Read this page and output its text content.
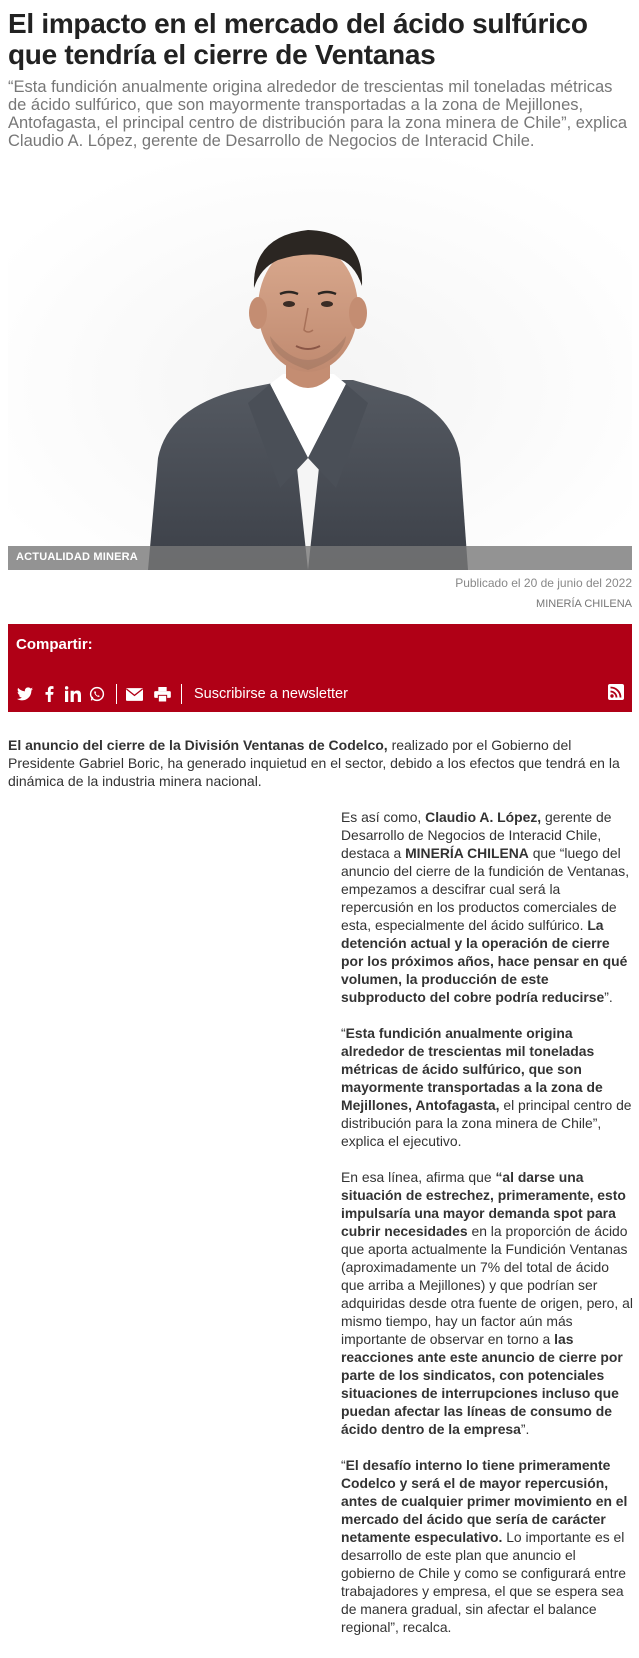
El impacto en el mercado del ácido sulfúrico que tendría el cierre de Ventanas
“Esta fundición anualmente origina alrededor de trescientas mil toneladas métricas de ácido sulfúrico, que son mayormente transportadas a la zona de Mejillones, Antofagasta, el principal centro de distribución para la zona minera de Chile”, explica Claudio A. López, gerente de Desarrollo de Negocios de Interacid Chile.
ACTUALIDAD MINERA
Publicado el 20 de junio del 2022
MINERÍA CHILENA
Compartir:
Suscribirse a newsletter
El anuncio del cierre de la División Ventanas de Codelco, realizado por el Gobierno del Presidente Gabriel Boric, ha generado inquietud en el sector, debido a los efectos que tendrá en la dinámica de la industria minera nacional.

Es así como, Claudio A. López, gerente de Desarrollo de Negocios de Interacid Chile, destaca a MINERÍA CHILENA que “luego del anuncio del cierre de la fundición de Ventanas, empezamos a descifrar cual será la repercusión en los productos comerciales de esta, especialmente del ácido sulfúrico. La detención actual y la operación de cierre por los próximos años, hace pensar en qué volumen, la producción de este subproducto del cobre podría reducirse”.

“Esta fundición anualmente origina alrededor de trescientas mil toneladas métricas de ácido sulfúrico, que son mayormente transportadas a la zona de Mejillones, Antofagasta, el principal centro de distribución para la zona minera de Chile”, explica el ejecutivo.

En esa línea, afirma que “al darse una situación de estrechez, primeramente, esto impulsaría una mayor demanda spot para cubrir necesidades en la proporción de ácido que aporta actualmente la Fundición Ventanas (aproximadamente un 7% del total de ácido que arriba a Mejillones) y que podrían ser adquiridas desde otra fuente de origen, pero, al mismo tiempo, hay un factor aún más importante de observar en torno a las reacciones ante este anuncio de cierre por parte de los sindicatos, con potenciales situaciones de interrupciones incluso que puedan afectar las líneas de consumo de ácido dentro de la empresa”.

“El desafío interno lo tiene primeramente Codelco y será el de mayor repercusión, antes de cualquier primer movimiento en el mercado del ácido que sería de carácter netamente especulativo. Lo importante es el desarrollo de este plan que anuncio el gobierno de Chile y como se configurará entre trabajadores y empresa, el que se espera sea de manera gradual, sin afectar el balance regional”, recalca.
